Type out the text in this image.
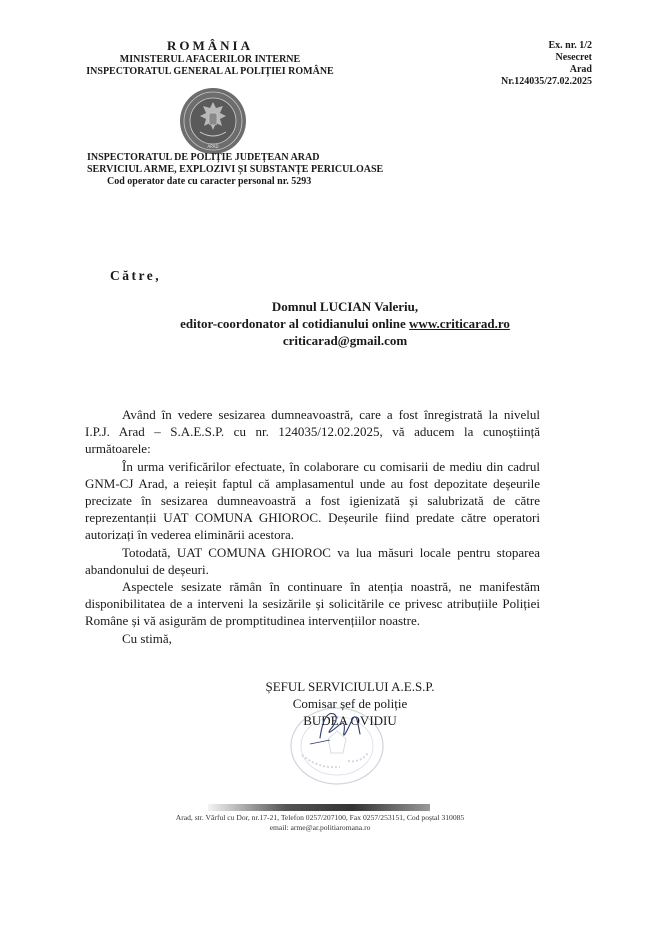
ROMÂNIA
MINISTERUL AFACERILOR INTERNE
INSPECTORATUL GENERAL AL POLIȚIEI ROMÂNE
Ex. nr. 1/2
Nesecret
Arad
Nr.124035/27.02.2025
ARAD
INSPECTORATUL DE POLIȚIE JUDEȚEAN ARAD
SERVICIUL ARME, EXPLOZIVI ȘI SUBSTANȚE PERICULOASE
Cod operator date cu caracter personal nr. 5293
Către,
Domnul LUCIAN Valeriu,
editor-coordonator al cotidianului online www.criticarad.ro
criticarad@gmail.com

Având în vedere sesizarea dumneavoastră, care a fost înregistrată la nivelul I.P.J. Arad – S.A.E.S.P. cu nr. 124035/12.02.2025, vă aducem la cunoștiință următoarele:

În urma verificărilor efectuate, în colaborare cu comisarii de mediu din cadrul GNM-CJ Arad, a reieșit faptul că amplasamentul unde au fost depozitate deșeurile precizate în sesizarea dumneavoastră a fost igienizată și salubrizată de către reprezentanții UAT COMUNA GHIOROC. Deșeurile fiind predate către operatori autorizați în vederea eliminării acestora.

Totodată, UAT COMUNA GHIOROC va lua măsuri locale pentru stoparea abandonului de deșeuri.

Aspectele sesizate rămân în continuare în atenția noastră, ne manifestăm disponibilitatea de a interveni la sesizările și solicitările ce privesc atribuțiile Poliției Române și vă asigurăm de promptitudinea intervențiilor noastre.

Cu stimă,

ȘEFUL SERVICIULUI A.E.S.P.
Comisar șef de poliție
BUDEA OVIDIU
Arad, str. Vârful cu Dor, nr.17-21, Telefon 0257/207100, Fax 0257/253151, Cod poștal 310085
email: arme@ar.politiaromana.ro
